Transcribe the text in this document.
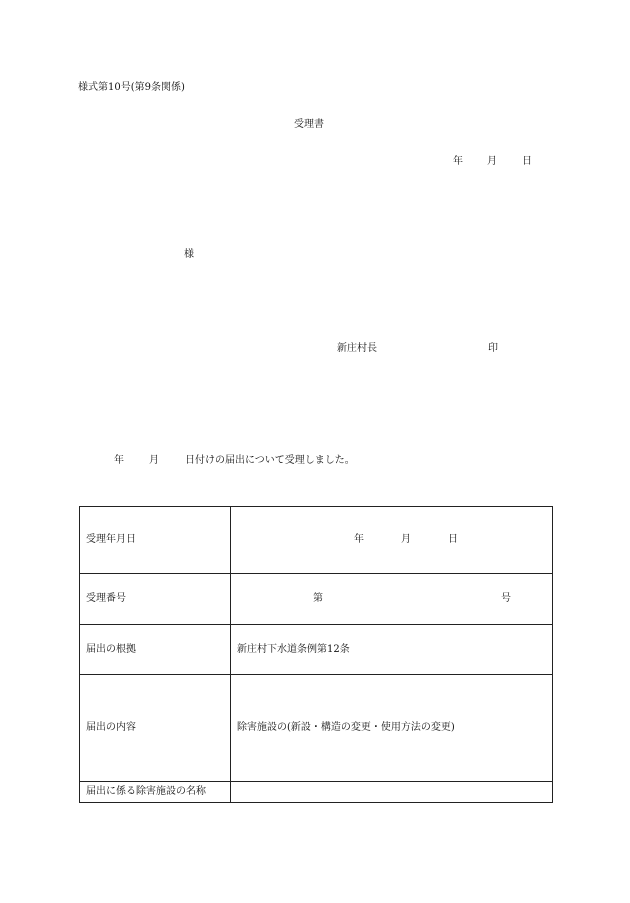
様式第10号(第9条関係)
受理書
年 月	日
様
新庄村長	印
年	月	日付けの届出について受理しました。
受理年月日	年 月 日

受理番号	第 号

届出の根拠	新庄村下水道条例第12条
届出の内容	除害施設の(新設・構造の変更・使用方法の変更)
届出に係る除害施設の名称	
